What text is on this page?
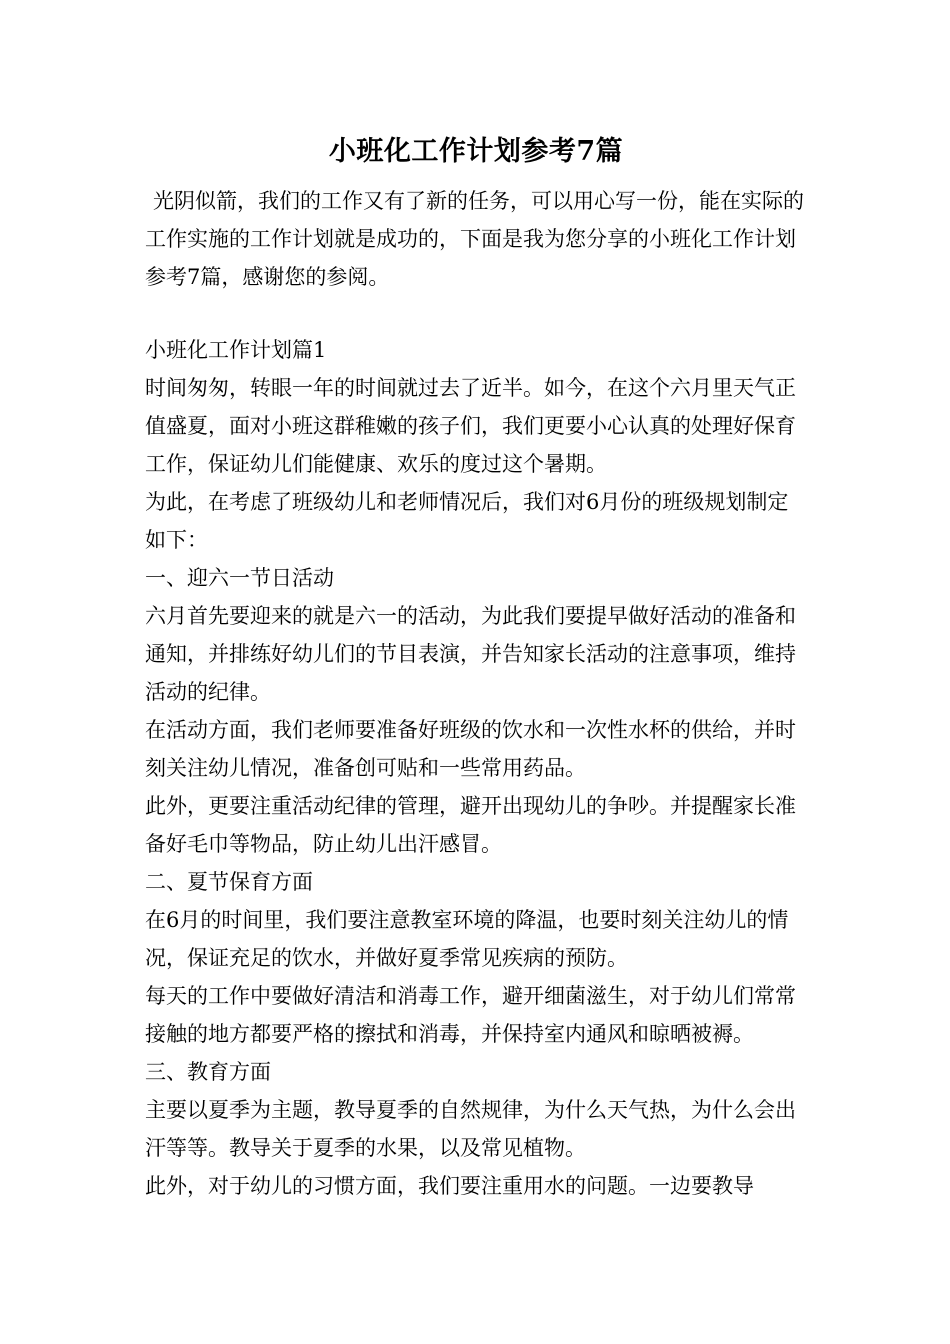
小班化工作计划参考7篇

光阴似箭，我们的工作又有了新的任务，可以用心写一份，能在实际的工作实施的工作计划就是成功的，下面是我为您分享的小班化工作计划参考7篇，感谢您的参阅。

小班化工作计划篇1

时间匆匆，转眼一年的时间就过去了近半。如今，在这个六月里天气正值盛夏，面对小班这群稚嫩的孩子们，我们更要小心认真的处理好保育工作，保证幼儿们能健康、欢乐的度过这个暑期。

为此，在考虑了班级幼儿和老师情况后，我们对6月份的班级规划制定如下：

一、迎六一节日活动

六月首先要迎来的就是六一的活动，为此我们要提早做好活动的准备和通知，并排练好幼儿们的节目表演，并告知家长活动的注意事项，维持活动的纪律。

在活动方面，我们老师要准备好班级的饮水和一次性水杯的供给，并时刻关注幼儿情况，准备创可贴和一些常用药品。

此外，更要注重活动纪律的管理，避开出现幼儿的争吵。并提醒家长准备好毛巾等物品，防止幼儿出汗感冒。

二、夏节保育方面

在6月的时间里，我们要注意教室环境的降温，也要时刻关注幼儿的情况，保证充足的饮水，并做好夏季常见疾病的预防。

每天的工作中要做好清洁和消毒工作，避开细菌滋生，对于幼儿们常常接触的地方都要严格的擦拭和消毒，并保持室内通风和晾晒被褥。

三、教育方面

主要以夏季为主题，教导夏季的自然规律，为什么天气热，为什么会出汗等等。教导关于夏季的水果，以及常见植物。

此外，对于幼儿的习惯方面，我们要注重用水的问题。一边要教导
